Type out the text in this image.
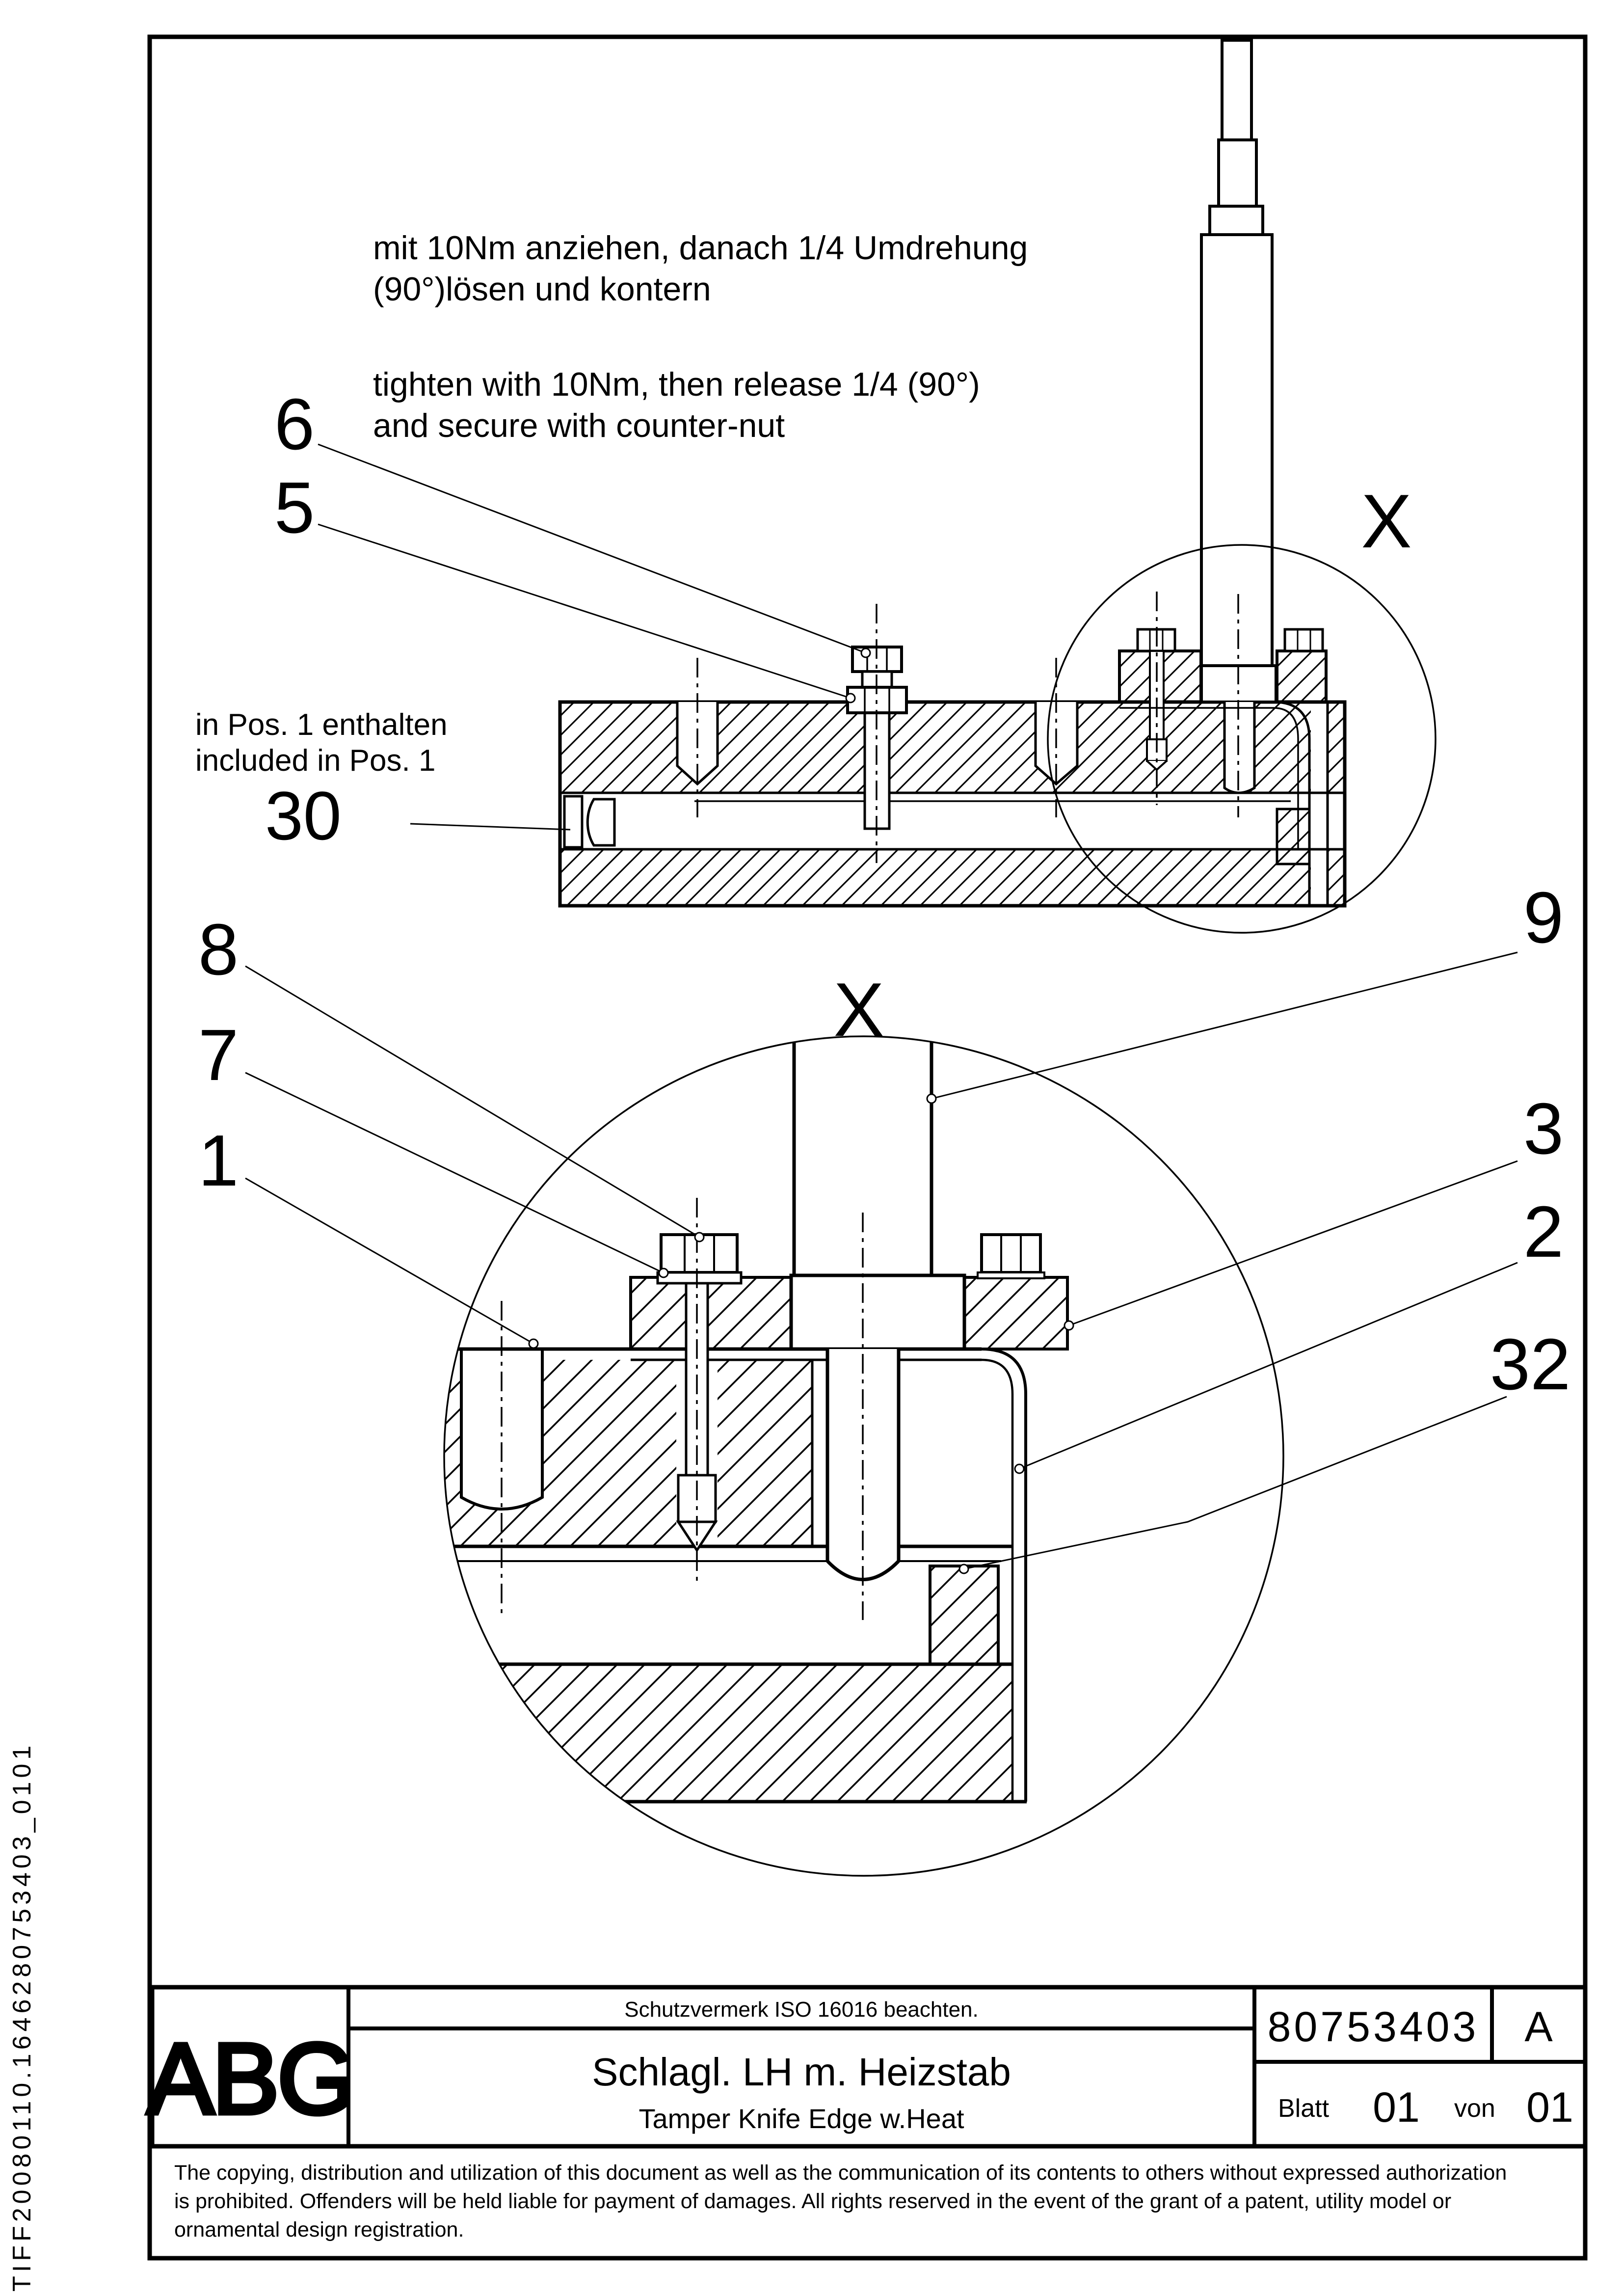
TIFF20080110.1646280753403_0101
mit 10Nm anziehen, danach 1/4 Umdrehung
(90°)lösen und kontern
tighten with 10Nm, then release 1/4 (90°)
and secure with counter-nut
in Pos. 1 enthalten
included in Pos. 1
6
5
30
X
8
7
1
9
3
2
32
X
ABG
Schutzvermerk ISO 16016 beachten.
Schlagl. LH m. Heizstab
Tamper Knife Edge w.Heat
80753403 A
Blatt 01 von 01
The copying, distribution and utilization of this document as well as the communication of its contents to others without expressed authorization
is prohibited. Offenders will be held liable for payment of damages. All rights reserved in the event of the grant of a patent, utility model or
ornamental design registration.
